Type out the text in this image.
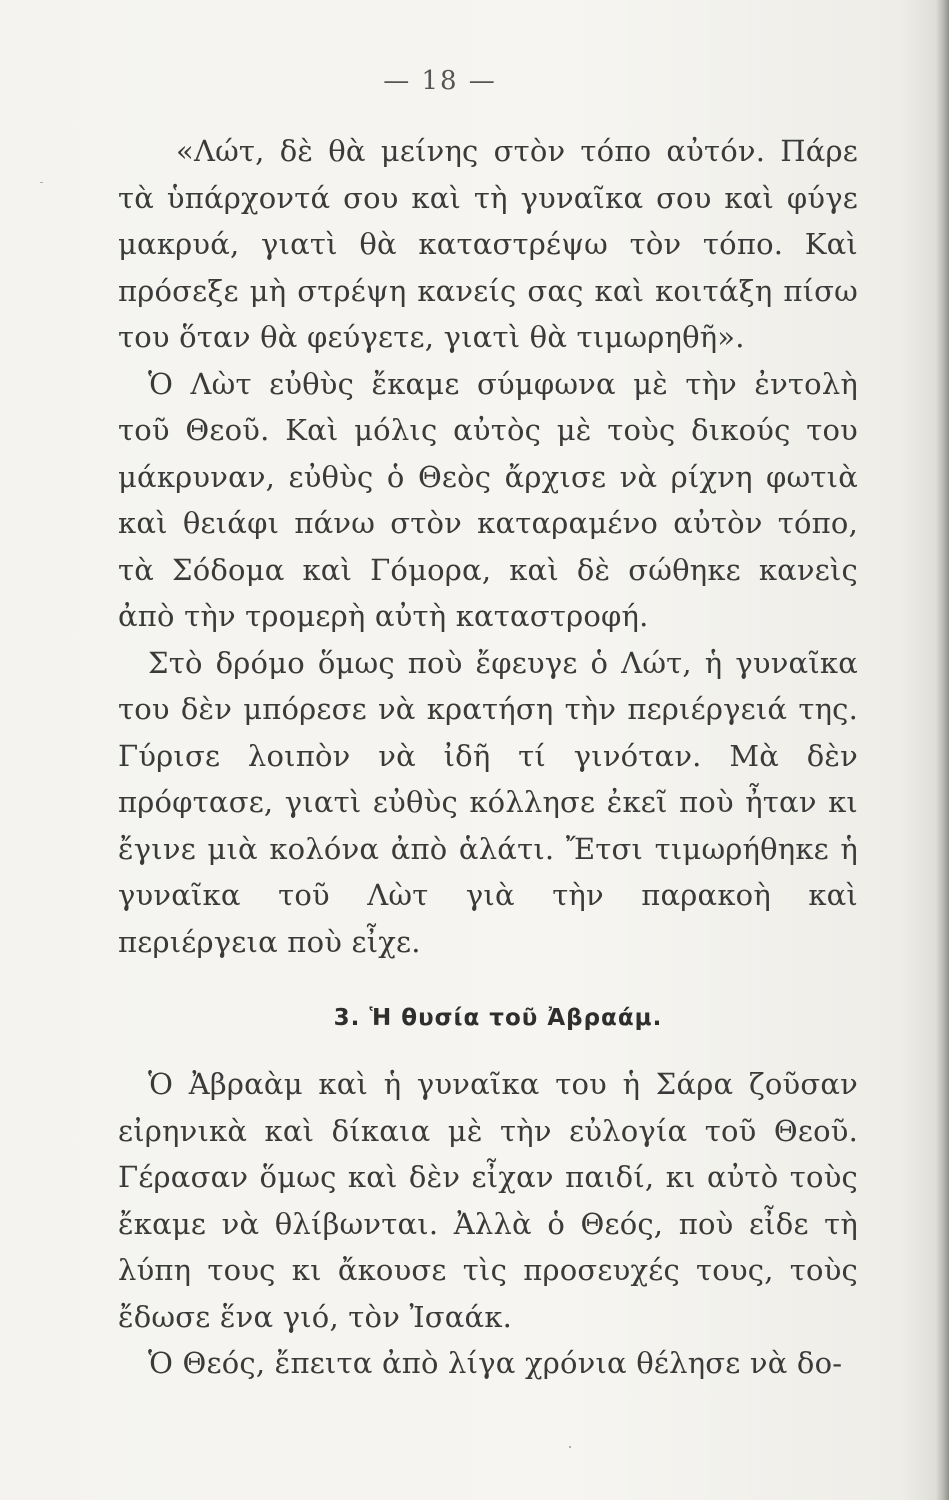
— 18 —

«Λώτ, δὲ θὰ μείνης στὸν τόπο αὐτόν. Πάρε τὰ ὑπάρχοντά σου καὶ τὴ γυναῖκα σου καὶ φύγε μακρυά, γιατὶ θὰ καταστρέψω τὸν τόπο. Καὶ πρόσεξε μὴ στρέψη κανείς σας καὶ κοιτάξη πίσω του ὅταν θὰ φεύγετε, γιατὶ θὰ τιμωρηθῆ».

Ὁ Λὼτ εὐθὺς ἔκαμε σύμφωνα μὲ τὴν ἐντολὴ τοῦ Θεοῦ. Καὶ μόλις αὐτὸς μὲ τοὺς δικούς του μάκρυναν, εὐθὺς ὁ Θεὸς ἄρχισε νὰ ρίχνη φωτιὰ καὶ θειάφι πάνω στὸν καταραμένο αὐτὸν τόπο, τὰ Σόδομα καὶ Γόμορα, καὶ δὲ σώθηκε κανεὶς ἀπὸ τὴν τρομερὴ αὐτὴ καταστροφή.

Στὸ δρόμο ὅμως ποὺ ἔφευγε ὁ Λώτ, ἡ γυναῖκα του δὲν μπόρεσε νὰ κρατήση τὴν περιέργειά της. Γύρισε λοιπὸν νὰ ἰδῆ τί γινόταν. Μὰ δὲν πρόφτασε, γιατὶ εὐθὺς κόλλησε ἐκεῖ ποὺ ἦταν κι ἔγινε μιὰ κολόνα ἀπὸ ἁλάτι. Ἔτσι τιμωρήθηκε ἡ γυναῖκα τοῦ Λὼτ γιὰ τὴν παρακοὴ καὶ περιέργεια ποὺ εἶχε.

3. Ἡ θυσία τοῦ Ἀβραάμ.

Ὁ Ἀβραὰμ καὶ ἡ γυναῖκα του ἡ Σάρα ζοῦσαν εἰρηνικὰ καὶ δίκαια μὲ τὴν εὐλογία τοῦ Θεοῦ. Γέρασαν ὅμως καὶ δὲν εἶχαν παιδί, κι αὐτὸ τοὺς ἔκαμε νὰ θλίβωνται. Ἀλλὰ ὁ Θεός, ποὺ εἶδε τὴ λύπη τους κι ἄκουσε τὶς προσευχές τους, τοὺς ἔδωσε ἕνα γιό, τὸν Ἰσαάκ.

Ὁ Θεός, ἔπειτα ἀπὸ λίγα χρόνια θέλησε νὰ δο-
